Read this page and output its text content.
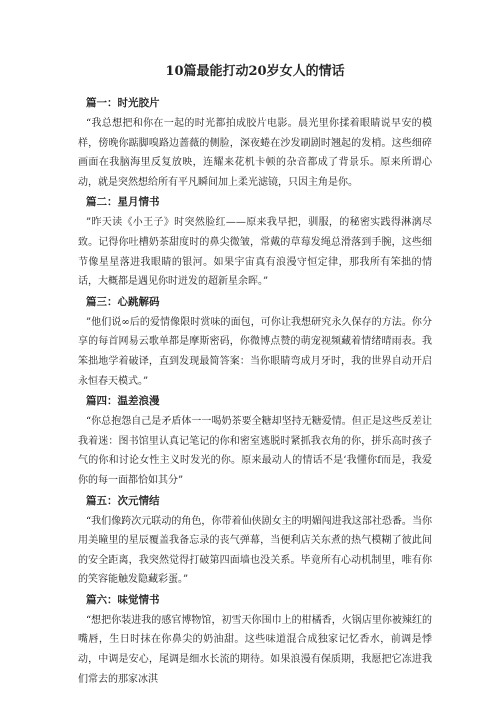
10篇最能打动20岁女人的情话
篇一：时光胶片

“我总想把和你在一起的时光都拍成胶片电影。晨光里你揉着眼睛说早安的模样，傍晚你踮脚嗅路边蔷薇的侧脸，深夜蜷在沙发刷剧时翘起的发梢。这些细碎画面在我脑海里反复放映，连耀来花机卡顿的杂音都成了背景乐。原来所谓心动，就是突然想给所有平凡瞬间加上柔光滤镜，只因主角是你。

篇二：星月情书

”昨天读《小王子》时突然脸红——原来我早把，驯服，的秘密实践得淋漓尽致。记得你吐槽奶茶甜度时的鼻尖微皱，常戴的草莓发绳总滑落到手腕，这些细节像星星落进我眼睛的银河。如果宇宙真有浪漫守恒定律，那我所有笨拙的情话，大概都是遇见你时迸发的超新星余晖。”

篇三：心跳解码

”他们说∞后的爱情像限时赏味的面包，可你让我想研究永久保存的方法。你分享的每首网易云歌单都是摩斯密码，你微博点赞的萌宠视频藏着情绪晴雨表。我笨拙地学着破译，直到发现最简答案：当你眼睛弯成月牙时，我的世界自动开启永恒春天模式。”

篇四：温差浪漫

“你总抱怨自己是矛盾体一一喝奶茶要全糖却坚持无糖爱情。但正是这些反差让我着迷：图书馆里认真记笔记的你和密室逃脱时紧抓我衣角的你，拼乐高时孩子气的你和讨论女性主义时发光的你。原来最动人的情话不是‘我懂你f而是，我爱你的每一面都恰如其分”

篇五：次元情结

“我们像跨次元联动的角色，你带着仙侠剧女主的明媚闯进我这部社恐番。当你用美瞳里的星辰覆盖我备忘录的丧气弹幕，当便利店关东煮的热气模糊了彼此间的安全距离，我突然觉得打破第四面墙也没关系。毕竟所有心动机制里，唯有你的笑容能触发隐藏彩蛋。”

篇六：味觉情书

“想把你装进我的感官博物馆，初雪天你围巾上的柑橘香，火锅店里你被辣红的嘴唇，生日时抹在你鼻尖的奶油甜。这些味道混合成独家记忆香水，前调是悸动，中调是安心，尾调是细水长流的期待。如果浪漫有保质期，我愿把它冻进我们常去的那家冰淇
